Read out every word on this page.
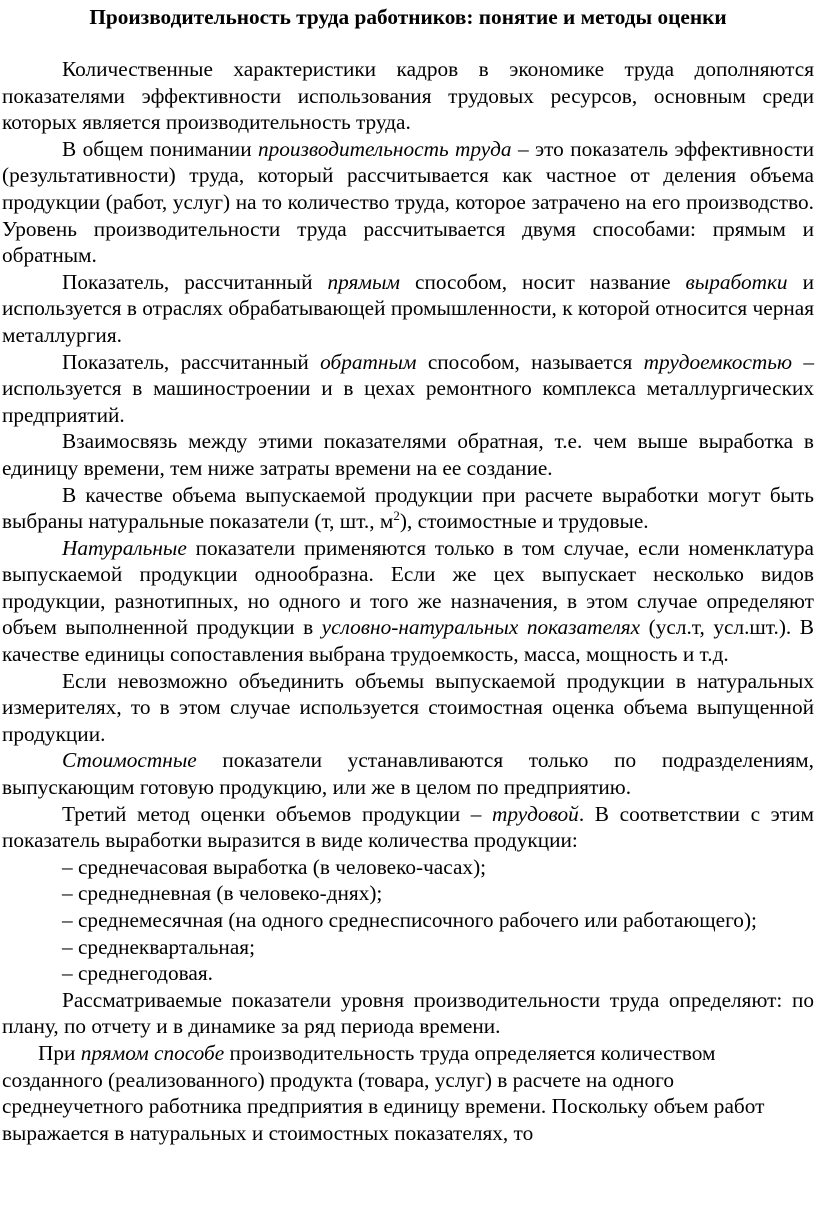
Производительность труда работников: понятие и методы оценки

Количественные характеристики кадров в экономике труда дополняются показателями эффективности использования трудовых ресурсов, основным среди которых является производительность труда.

В общем понимании производительность труда – это показатель эффективности (результативности) труда, который рассчитывается как частное от деления объема продукции (работ, услуг) на то количество труда, которое затрачено на его производство. Уровень производительности труда рассчитывается двумя способами: прямым и обратным.

Показатель, рассчитанный прямым способом, носит название выработки и используется в отраслях обрабатывающей промышленности, к которой относится черная металлургия.

Показатель, рассчитанный обратным способом, называется трудоемкостью – используется в машиностроении и в цехах ремонтного комплекса металлургических предприятий.

Взаимосвязь между этими показателями обратная, т.е. чем выше выработка в единицу времени, тем ниже затраты времени на ее создание.

В качестве объема выпускаемой продукции при расчете выработки могут быть выбраны натуральные показатели (т, шт., $м^2$), стоимостные и трудовые.

Натуральные показатели применяются только в том случае, если номенклатура выпускаемой продукции однообразна. Если же цех выпускает несколько видов продукции, разнотипных, но одного и того же назначения, в этом случае определяют объем выполненной продукции в условно-натуральных показателях (усл.т, усл.шт.). В качестве единицы сопоставления выбрана трудоемкость, масса, мощность и т.д.

Если невозможно объединить объемы выпускаемой продукции в натуральных измерителях, то в этом случае используется стоимостная оценка объема выпущенной продукции.

Стоимостные показатели устанавливаются только по подразделениям, выпускающим готовую продукцию, или же в целом по предприятию.

Третий метод оценки объемов продукции – трудовой. В соответствии с этим показатель выработки выразится в виде количества продукции:

– среднечасовая выработка (в человеко-часах);

– среднедневная (в человеко-днях);

– среднемесячная (на одного среднесписочного рабочего или работающего);

– среднеквартальная;

– среднегодовая.

Рассматриваемые показатели уровня производительности труда определяют: по плану, по отчету и в динамике за ряд периода времени.

При прямом способе производительность труда определяется количеством созданного (реализованного) продукта (товара, услуг) в расчете на одного среднеучетного работника предприятия в единицу времени. Поскольку объем работ выражается в натуральных и стоимостных показателях, то
